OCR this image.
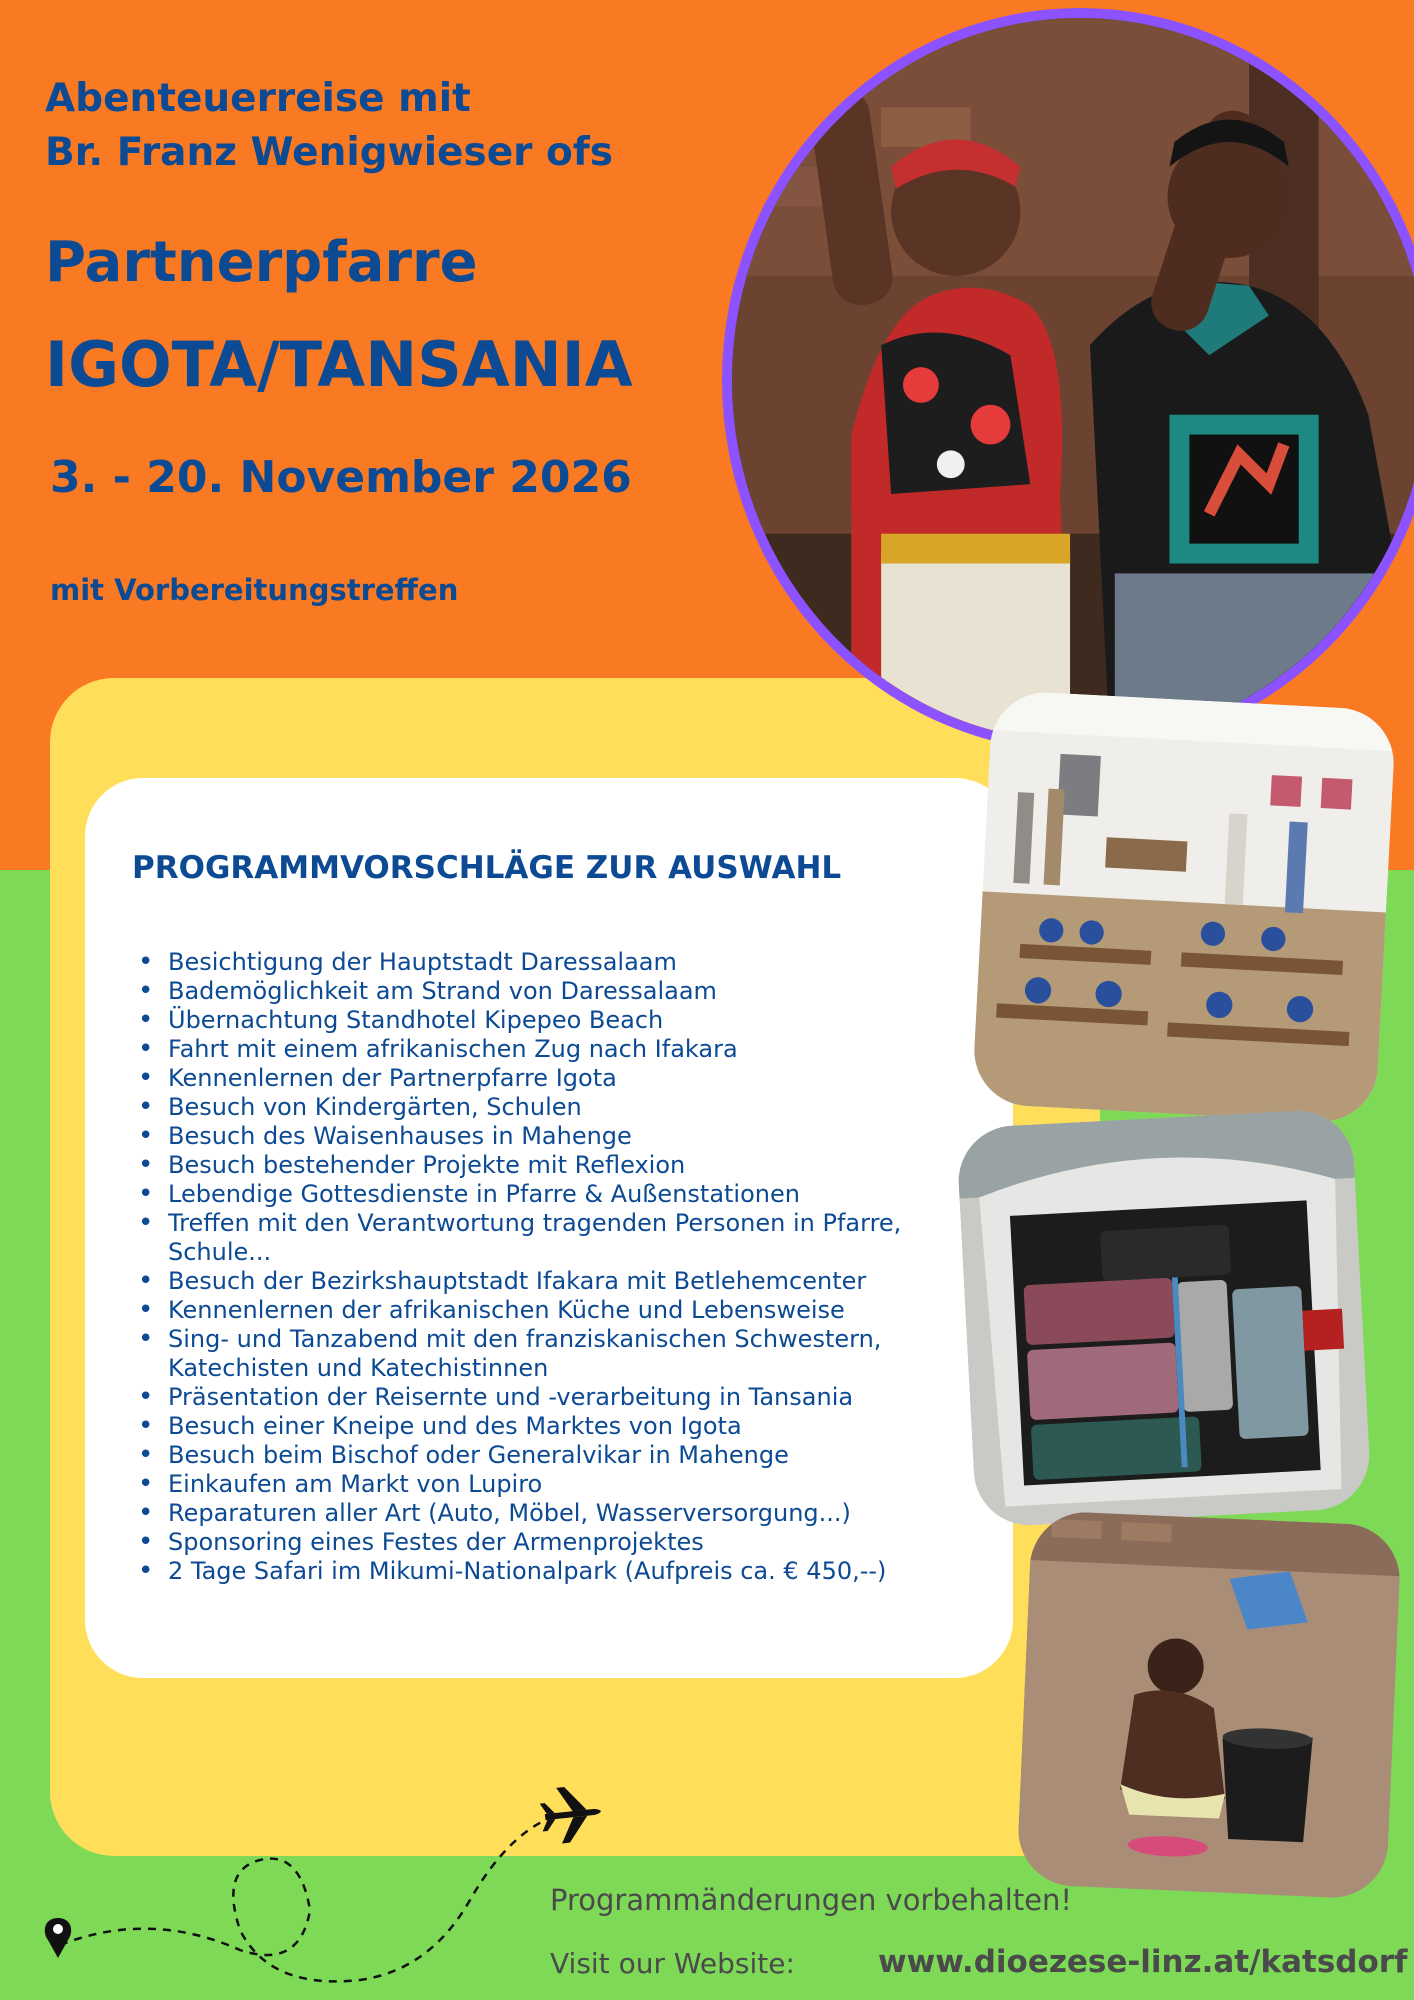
Abenteuerreise mit

Br. Franz Wenigwieser ofs

Partnerpfarre
IGOTA/TANSANIA

3. - 20. November 2026

mit Vorbereitungstreffen

PROGRAMMVORSCHLÄGE ZUR AUSWAHL
• Besichtigung der Hauptstadt Daressalaam
• Bademöglichkeit am Strand von Daressalaam
• Übernachtung Standhotel Kipepeo Beach
• Fahrt mit einem afrikanischen Zug nach Ifakara
• Kennenlernen der Partnerpfarre Igota
• Besuch von Kindergärten, Schulen
• Besuch des Waisenhauses in Mahenge
• Besuch bestehender Projekte mit Reflexion
• Lebendige Gottesdienste in Pfarre & Außenstationen
• Treffen mit den Verantwortung tragenden Personen in Pfarre, Schule...
• Besuch der Bezirkshauptstadt Ifakara mit Betlehemcenter
• Kennenlernen der afrikanischen Küche und Lebensweise
• Sing- und Tanzabend mit den franziskanischen Schwestern, Katechisten und Katechistinnen
• Präsentation der Reisernte und -verarbeitung in Tansania
• Besuch einer Kneipe und des Marktes von Igota
• Besuch beim Bischof oder Generalvikar in Mahenge
• Einkaufen am Markt von Lupiro
• Reparaturen aller Art (Auto, Möbel, Wasserversorgung...)
• Sponsoring eines Festes der Armenprojektes
• 2 Tage Safari im Mikumi-Nationalpark (Aufpreis ca. € 450,--)

Programmänderungen vorbehalten!

Visit our Website:	www.dioezese-linz.at/katsdorf
